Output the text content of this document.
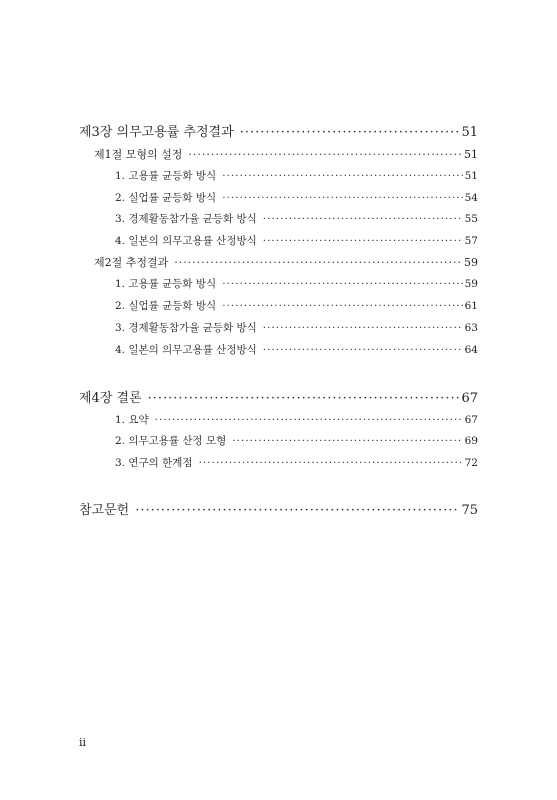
제3장 의무고용률 추정결과 ·····	51
제1절 모형의 설정 ·····	51
1. 고용률 균등화 방식 ·····	51
2. 실업률 균등화 방식 ·····	54
3. 경제활동참가율 균등화 방식 ·····	55
4. 일본의 의무고용률 산정방식 ·····	57
제2절 추정결과 ·····	59
1. 고용률 균등화 방식 ·····	59
2. 실업률 균등화 방식 ·····	61
3. 경제활동참가율 균등화 방식 ·····	63
4. 일본의 의무고용률 산정방식 ·····	64
제4장 결론 ·····	67
1. 요약 ·····	67
2. 의무고용률 산정 모형 ·····	69
3. 연구의 한계점 ·····	72
참고문헌 ·····	75
ii
